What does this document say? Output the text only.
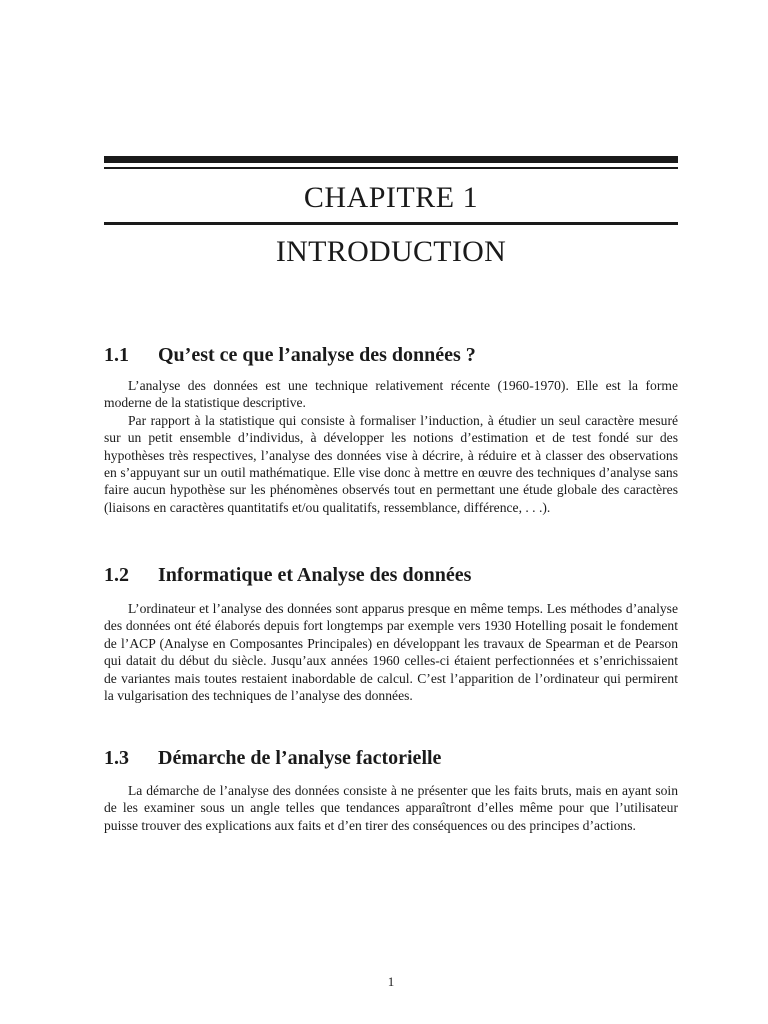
CHAPITRE 1
INTRODUCTION
1.1 Qu’est ce que l’analyse des données ?

L’analyse des données est une technique relativement récente (1960-1970). Elle est la forme moderne de la statistique descriptive.

Par rapport à la statistique qui consiste à formaliser l’induction, à étudier un seul caractère mesuré sur un petit ensemble d’individus, à développer les notions d’estimation et de test fondé sur des hypothèses très respectives, l’analyse des données vise à décrire, à réduire et à classer des observations en s’appuyant sur un outil mathématique. Elle vise donc à mettre en œuvre des techniques d’analyse sans faire aucun hypothèse sur les phénomènes observés tout en permettant une étude globale des caractères (liaisons en caractères quantitatifs et/ou qualitatifs, ressemblance, différence, . . .).

1.2 Informatique et Analyse des données

L’ordinateur et l’analyse des données sont apparus presque en même temps. Les méthodes d’analyse des données ont été élaborés depuis fort longtemps par exemple vers 1930 Hotelling posait le fondement de l’ACP (Analyse en Composantes Principales) en développant les travaux de Spearman et de Pearson qui datait du début du siècle. Jusqu’aux années 1960 celles-ci étaient perfectionnées et s’enrichissaient de variantes mais toutes restaient inabordable de calcul. C’est l’apparition de l’ordinateur qui permirent la vulgarisation des techniques de l’analyse des données.

1.3 Démarche de l’analyse factorielle

La démarche de l’analyse des données consiste à ne présenter que les faits bruts, mais en ayant soin de les examiner sous un angle telles que tendances apparaîtront d’elles même pour que l’utilisateur puisse trouver des explications aux faits et d’en tirer des conséquences ou des principes d’actions.

1
